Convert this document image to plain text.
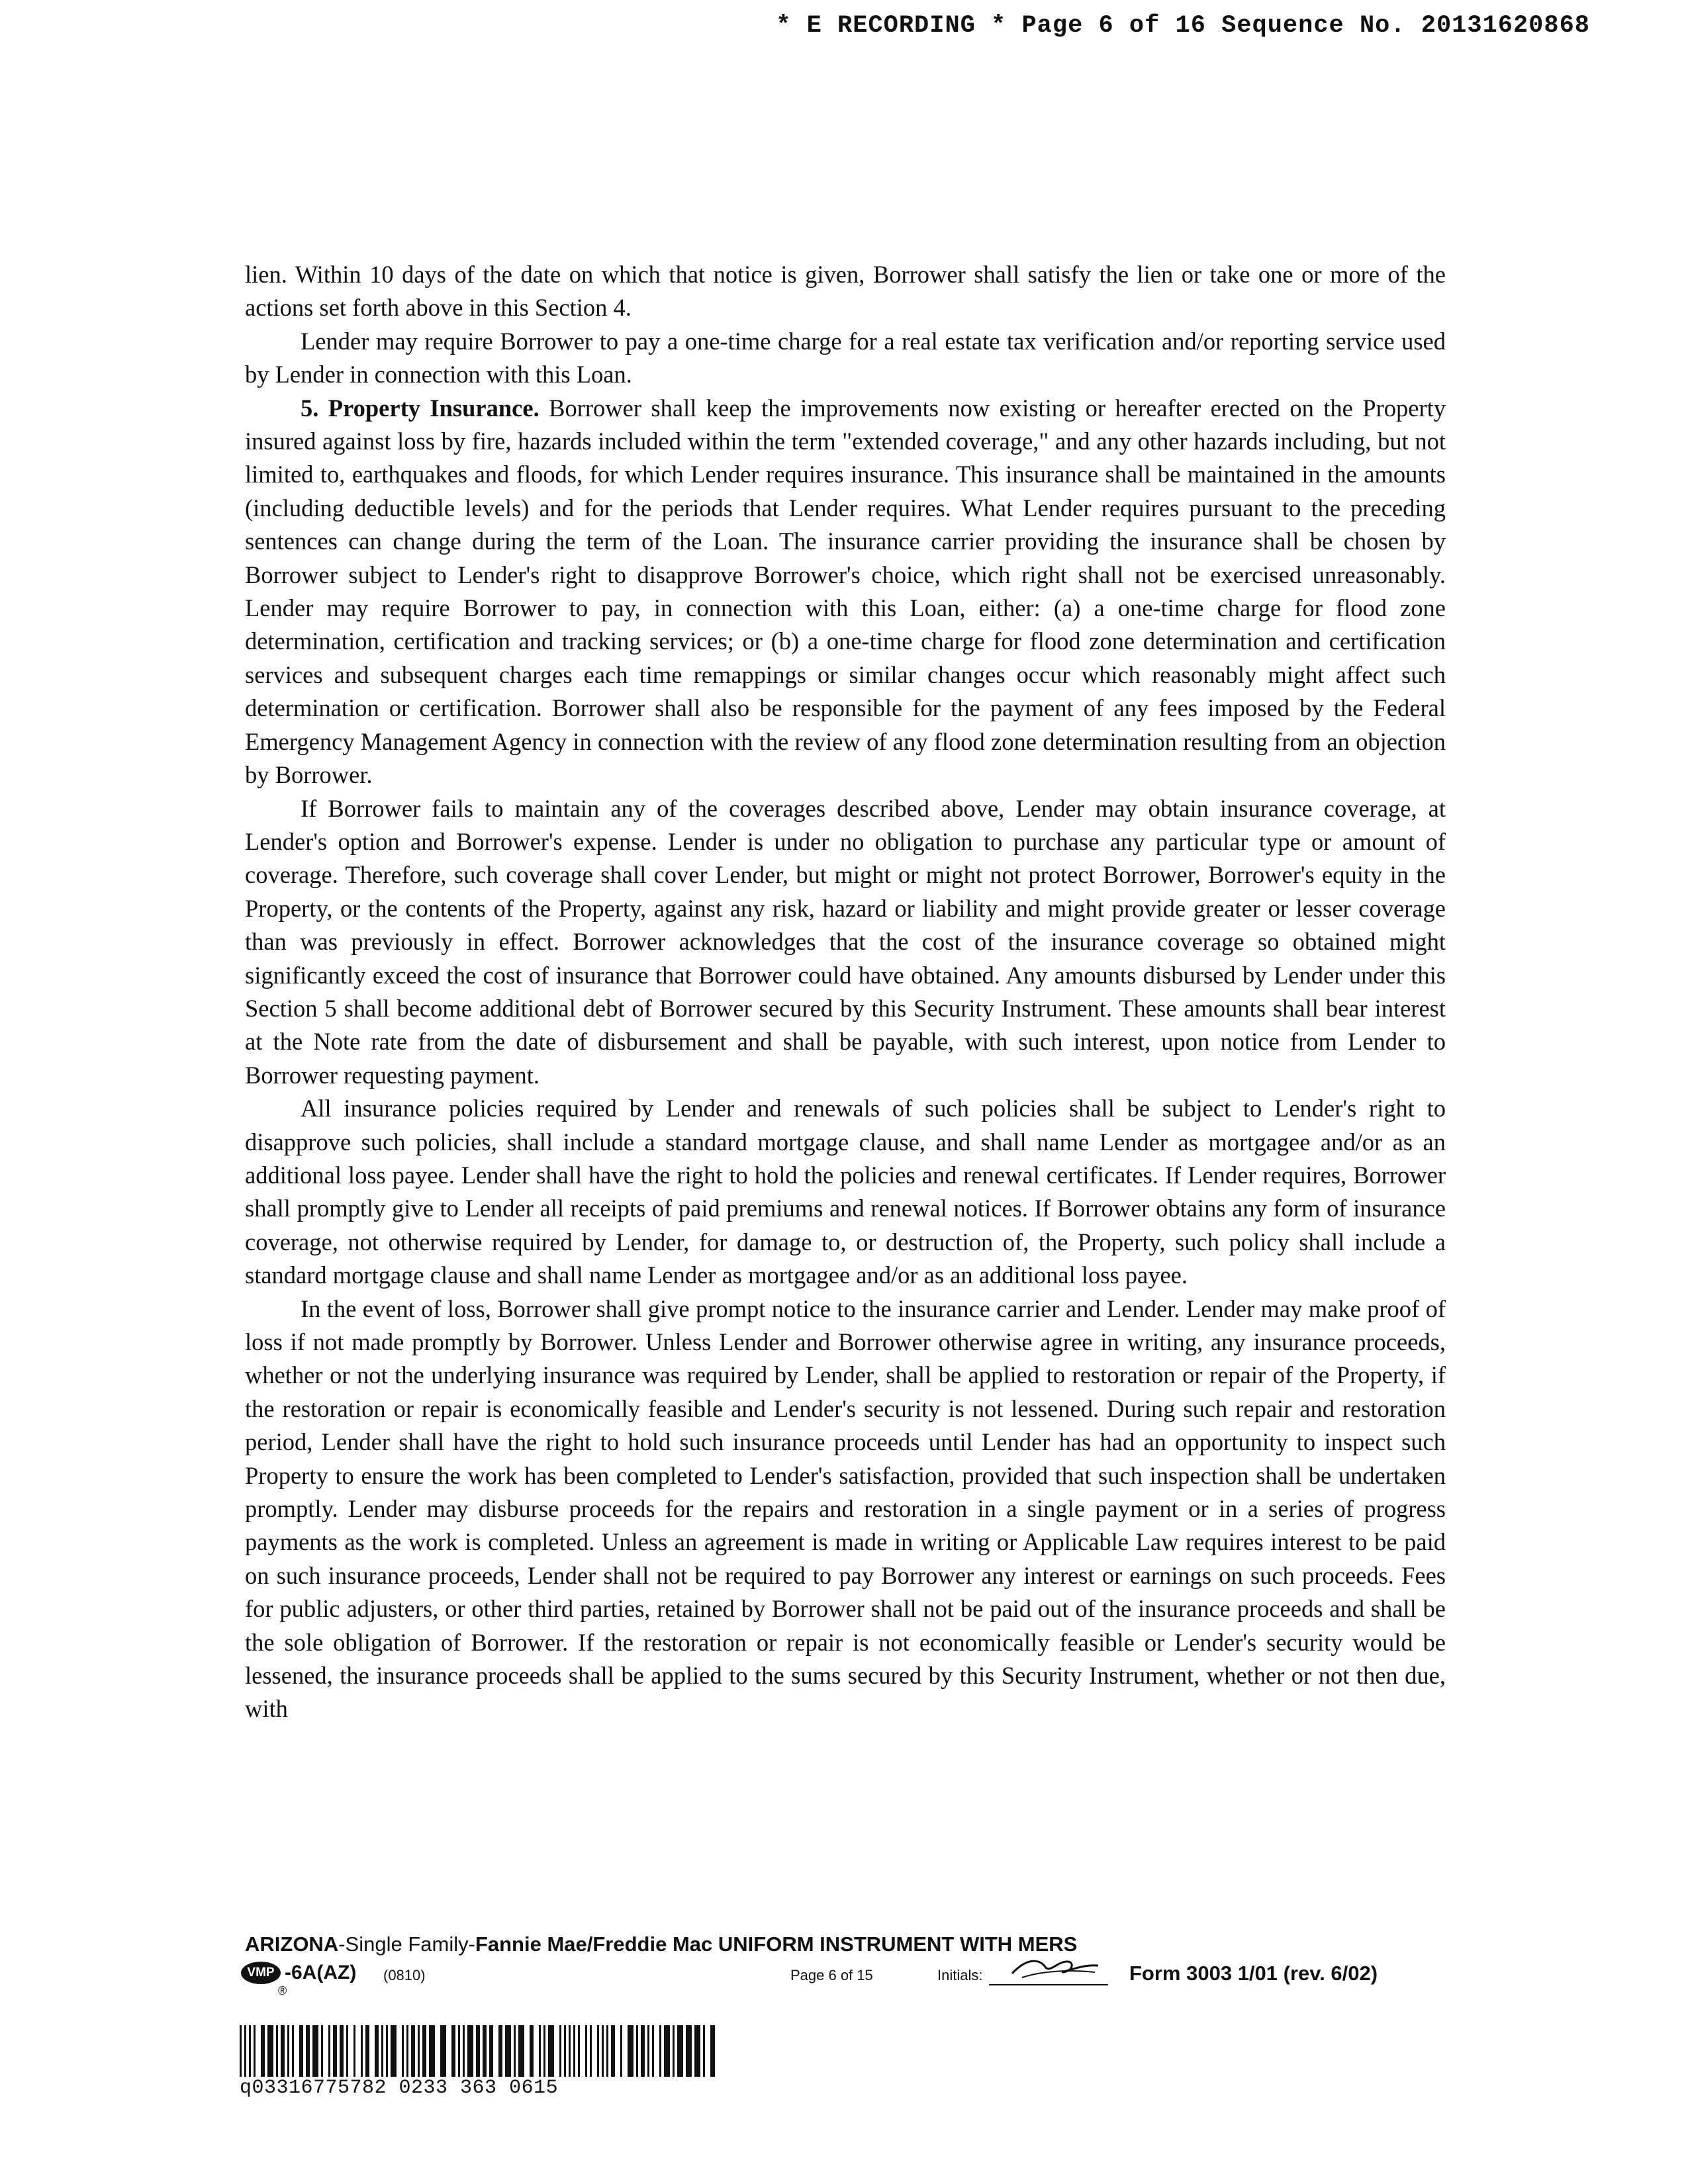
* E RECORDING * Page 6 of 16 Sequence No. 20131620868

lien. Within 10 days of the date on which that notice is given, Borrower shall satisfy the lien or take one or more of the actions set forth above in this Section 4.

Lender may require Borrower to pay a one-time charge for a real estate tax verification and/or reporting service used by Lender in connection with this Loan.

5. Property Insurance. Borrower shall keep the improvements now existing or hereafter erected on the Property insured against loss by fire, hazards included within the term "extended coverage," and any other hazards including, but not limited to, earthquakes and floods, for which Lender requires insurance. This insurance shall be maintained in the amounts (including deductible levels) and for the periods that Lender requires. What Lender requires pursuant to the preceding sentences can change during the term of the Loan. The insurance carrier providing the insurance shall be chosen by Borrower subject to Lender's right to disapprove Borrower's choice, which right shall not be exercised unreasonably. Lender may require Borrower to pay, in connection with this Loan, either: (a) a one-time charge for flood zone determination, certification and tracking services; or (b) a one-time charge for flood zone determination and certification services and subsequent charges each time remappings or similar changes occur which reasonably might affect such determination or certification. Borrower shall also be responsible for the payment of any fees imposed by the Federal Emergency Management Agency in connection with the review of any flood zone determination resulting from an objection by Borrower.

If Borrower fails to maintain any of the coverages described above, Lender may obtain insurance coverage, at Lender's option and Borrower's expense. Lender is under no obligation to purchase any particular type or amount of coverage. Therefore, such coverage shall cover Lender, but might or might not protect Borrower, Borrower's equity in the Property, or the contents of the Property, against any risk, hazard or liability and might provide greater or lesser coverage than was previously in effect. Borrower acknowledges that the cost of the insurance coverage so obtained might significantly exceed the cost of insurance that Borrower could have obtained. Any amounts disbursed by Lender under this Section 5 shall become additional debt of Borrower secured by this Security Instrument. These amounts shall bear interest at the Note rate from the date of disbursement and shall be payable, with such interest, upon notice from Lender to Borrower requesting payment.

All insurance policies required by Lender and renewals of such policies shall be subject to Lender's right to disapprove such policies, shall include a standard mortgage clause, and shall name Lender as mortgagee and/or as an additional loss payee. Lender shall have the right to hold the policies and renewal certificates. If Lender requires, Borrower shall promptly give to Lender all receipts of paid premiums and renewal notices. If Borrower obtains any form of insurance coverage, not otherwise required by Lender, for damage to, or destruction of, the Property, such policy shall include a standard mortgage clause and shall name Lender as mortgagee and/or as an additional loss payee.

In the event of loss, Borrower shall give prompt notice to the insurance carrier and Lender. Lender may make proof of loss if not made promptly by Borrower. Unless Lender and Borrower otherwise agree in writing, any insurance proceeds, whether or not the underlying insurance was required by Lender, shall be applied to restoration or repair of the Property, if the restoration or repair is economically feasible and Lender's security is not lessened. During such repair and restoration period, Lender shall have the right to hold such insurance proceeds until Lender has had an opportunity to inspect such Property to ensure the work has been completed to Lender's satisfaction, provided that such inspection shall be undertaken promptly. Lender may disburse proceeds for the repairs and restoration in a single payment or in a series of progress payments as the work is completed. Unless an agreement is made in writing or Applicable Law requires interest to be paid on such insurance proceeds, Lender shall not be required to pay Borrower any interest or earnings on such proceeds. Fees for public adjusters, or other third parties, retained by Borrower shall not be paid out of the insurance proceeds and shall be the sole obligation of Borrower. If the restoration or repair is not economically feasible or Lender's security would be lessened, the insurance proceeds shall be applied to the sums secured by this Security Instrument, whether or not then due, with

ARIZONA-Single Family-Fannie Mae/Freddie Mac UNIFORM INSTRUMENT WITH MERS
VMP
®
-6A(AZ) (0810)	Page 6 of 15	Initials:	Form 3003 1/01 (rev. 6/02)
q03316775782 0233 363 0615
